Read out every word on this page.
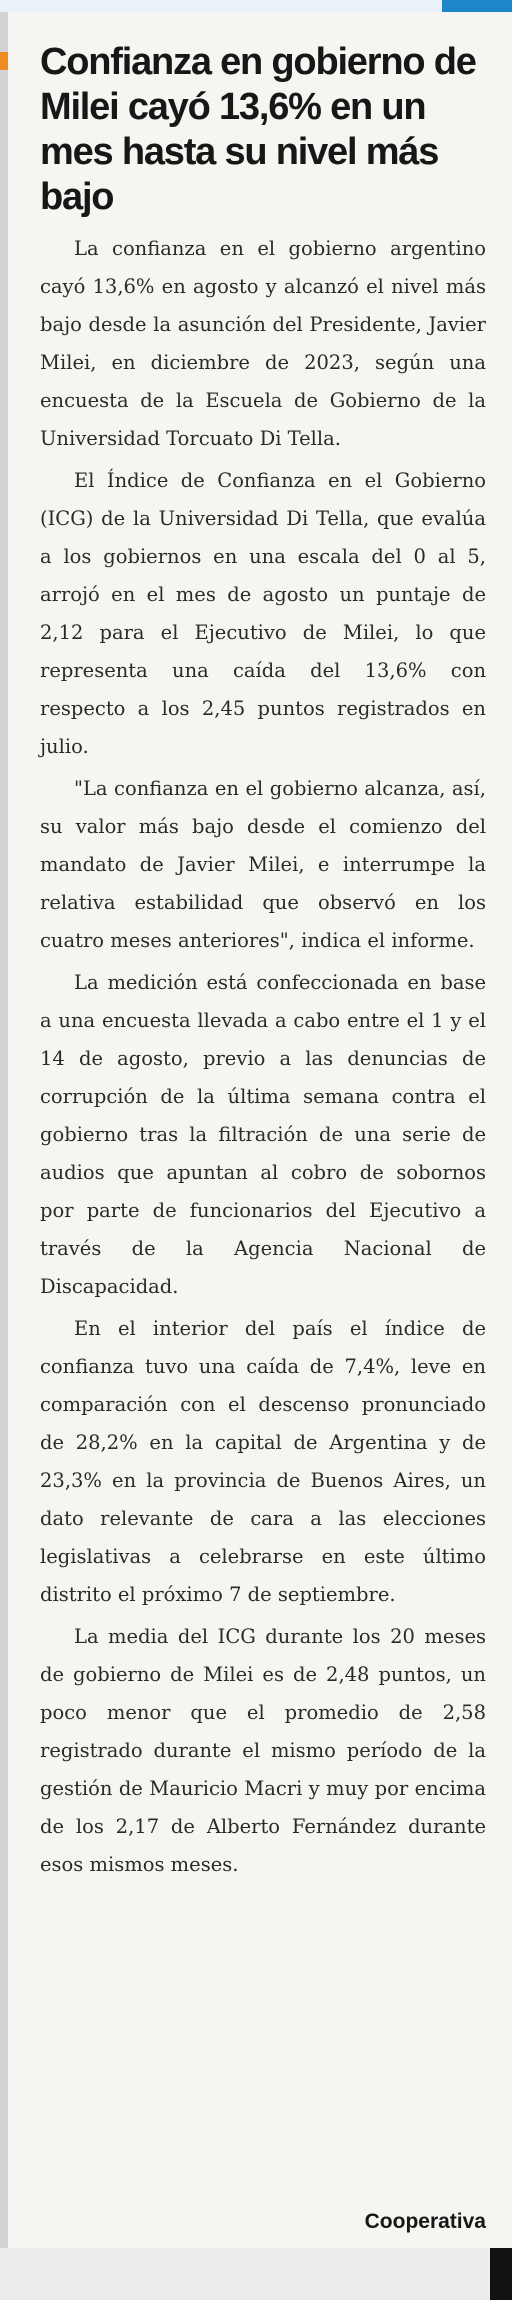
Confianza en gobierno de Milei cayó 13,6% en un mes hasta su nivel más bajo

La confianza en el gobierno argentino cayó 13,6% en agosto y alcanzó el nivel más bajo desde la asunción del Presidente, Javier Milei, en diciembre de 2023, según una encuesta de la Escuela de Gobierno de la Universidad Torcuato Di Tella.

El Índice de Confianza en el Gobierno (ICG) de la Universidad Di Tella, que evalúa a los gobiernos en una escala del 0 al 5, arrojó en el mes de agosto un puntaje de 2,12 para el Ejecutivo de Milei, lo que representa una caída del 13,6% con respecto a los 2,45 puntos registrados en julio.

"La confianza en el gobierno alcanza, así, su valor más bajo desde el comienzo del mandato de Javier Milei, e interrumpe la relativa estabilidad que observó en los cuatro meses anteriores", indica el informe.

La medición está confeccionada en base a una encuesta llevada a cabo entre el 1 y el 14 de agosto, previo a las denuncias de corrupción de la última semana contra el gobierno tras la filtración de una serie de audios que apuntan al cobro de sobornos por parte de funcionarios del Ejecutivo a través de la Agencia Nacional de Discapacidad.

En el interior del país el índice de confianza tuvo una caída de 7,4%, leve en comparación con el descenso pronunciado de 28,2% en la capital de Argentina y de 23,3% en la provincia de Buenos Aires, un dato relevante de cara a las elecciones legislativas a celebrarse en este último distrito el próximo 7 de septiembre.

La media del ICG durante los 20 meses de gobierno de Milei es de 2,48 puntos, un poco menor que el promedio de 2,58 registrado durante el mismo período de la gestión de Mauricio Macri y muy por encima de los 2,17 de Alberto Fernández durante esos mismos meses.

Cooperativa
